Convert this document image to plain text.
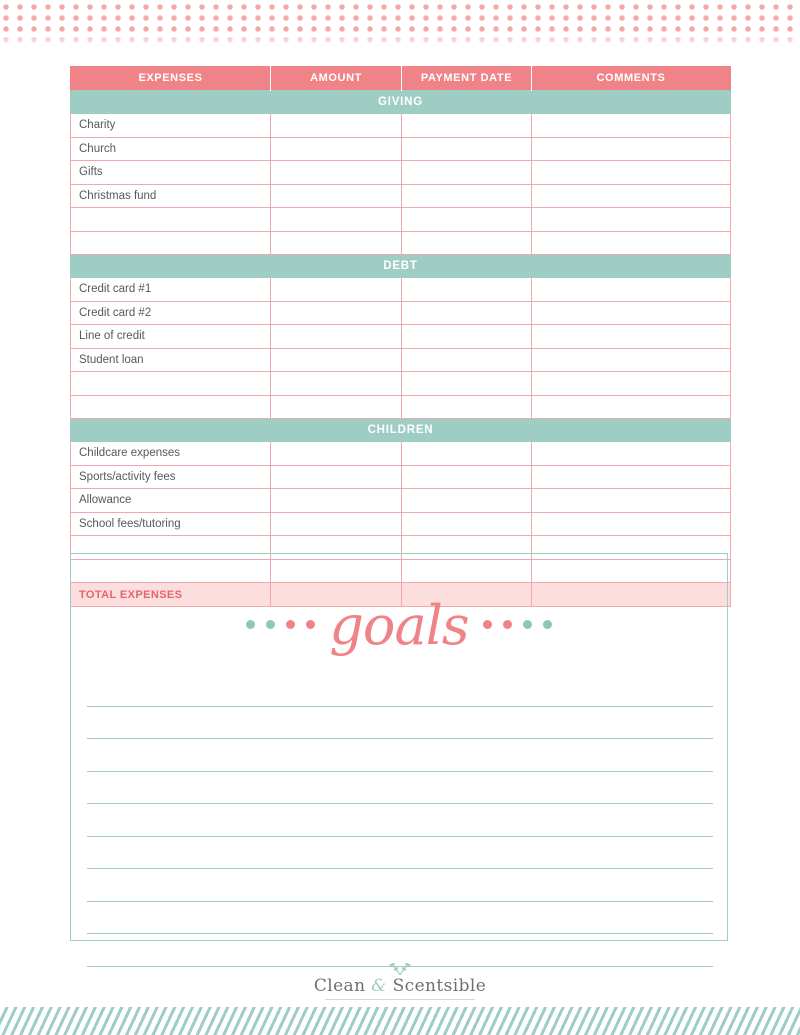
EXPENSES	AMOUNT	PAYMENT DATE	COMMENTS
GIVING			
Charity			
Church			
Gifts			
Christmas fund			

DEBT			
Credit card #1			
Credit card #2			
Line of credit			
Student loan			

CHILDREN			
Childcare expenses			
Sports/activity fees			
Allowance			
School fees/tutoring			

TOTAL EXPENSES				goals
Clean & Scentsible
